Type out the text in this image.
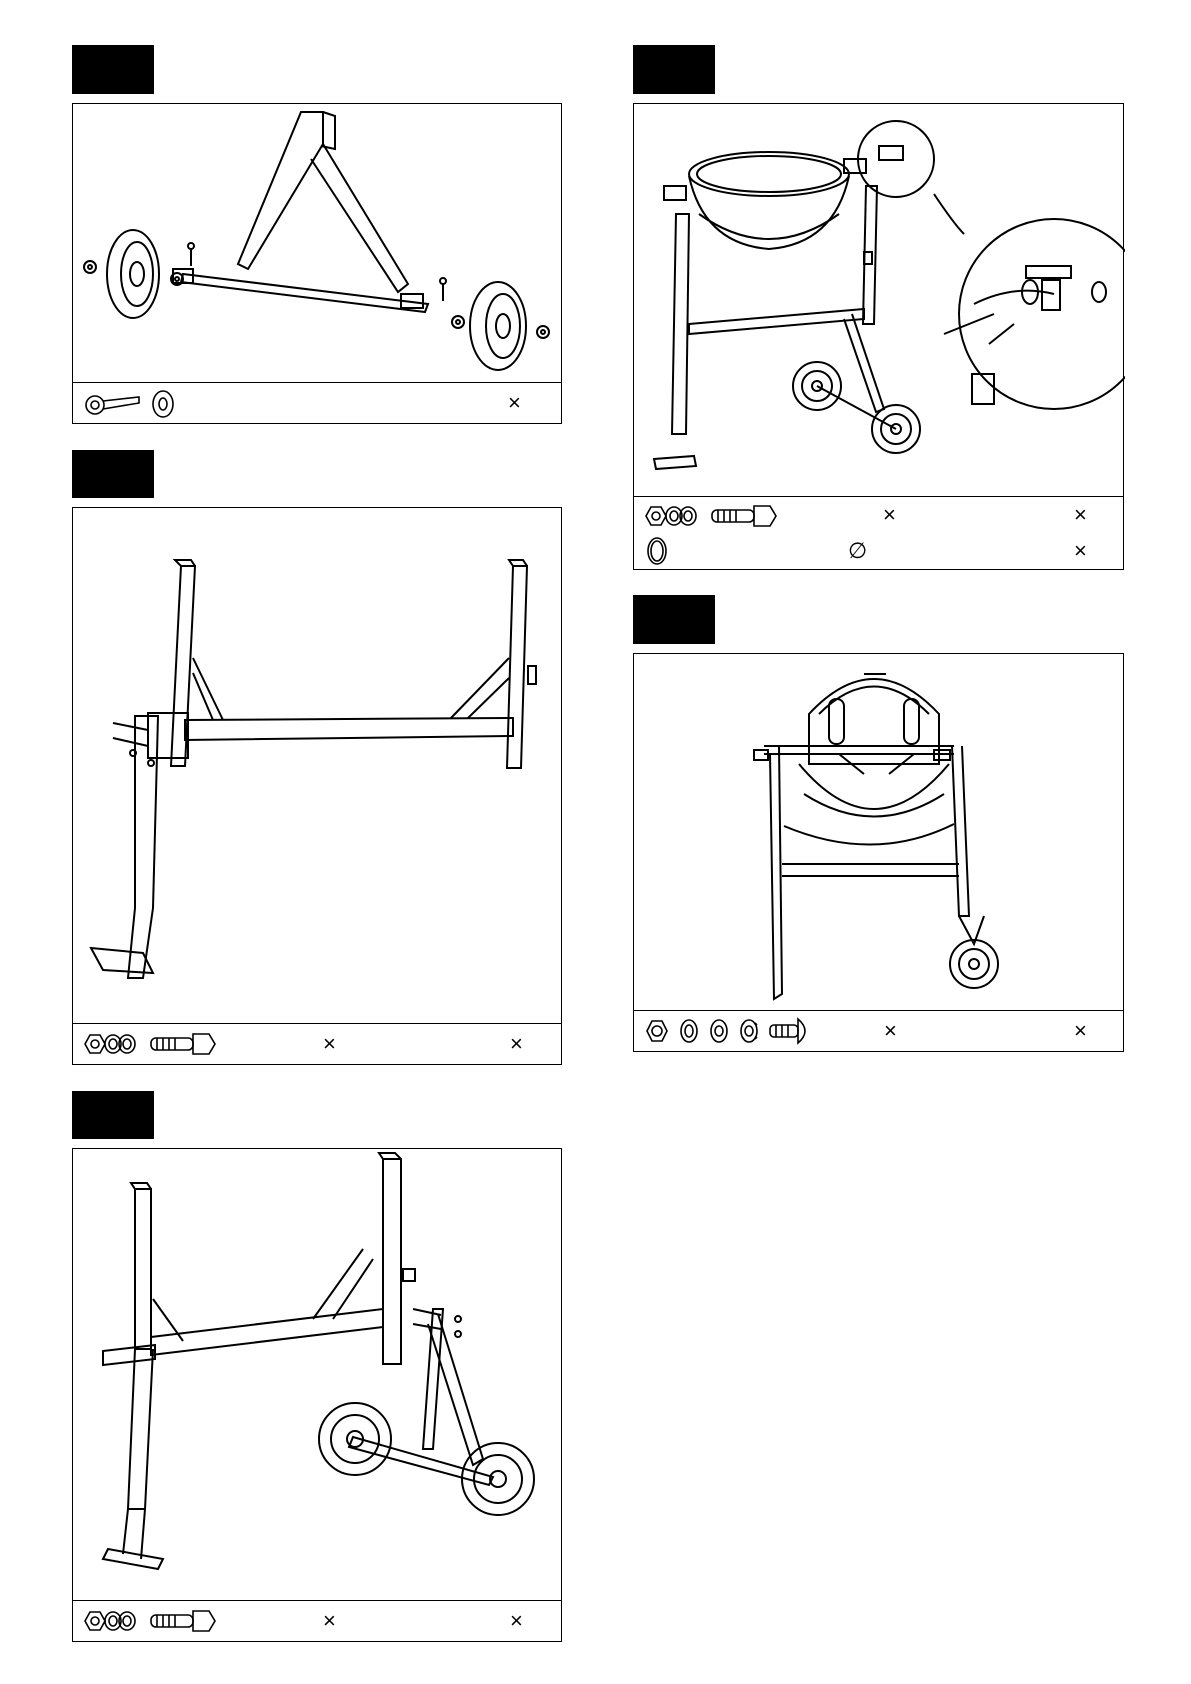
×
×	×
×	×
×	×
∅	×
×	×
